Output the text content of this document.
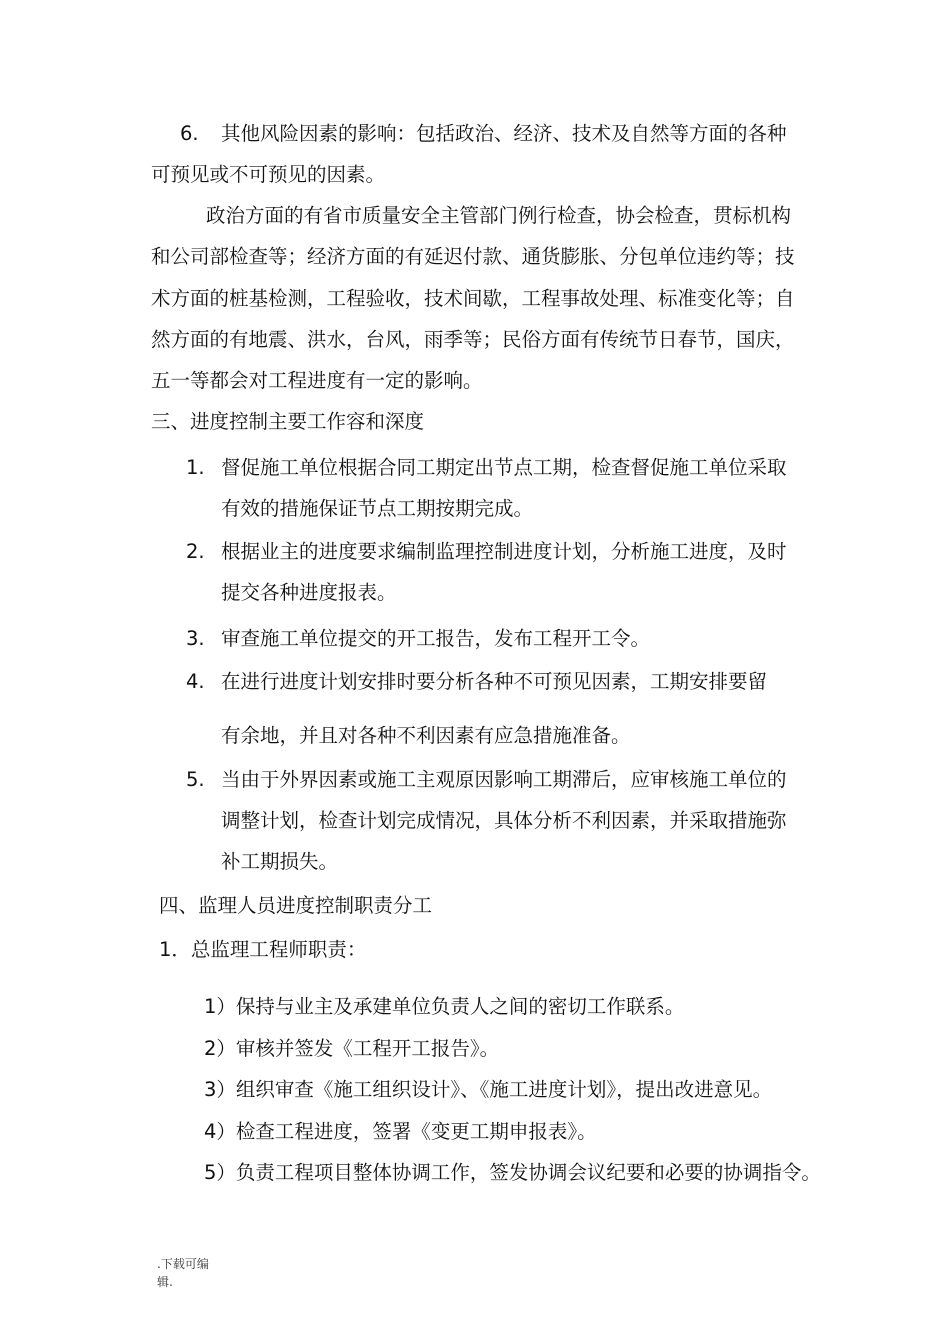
6. 其他风险因素的影响：包括政治、经济、技术及自然等方面的各种
可预见或不可预见的因素。
政治方面的有省市质量安全主管部门例行检查，协会检查，贯标机构
和公司部检查等；经济方面的有延迟付款、通货膨胀、分包单位违约等；技
术方面的桩基检测，工程验收，技术间歇，工程事故处理、标准变化等；自
然方面的有地震、洪水，台风，雨季等；民俗方面有传统节日春节，国庆，
五一等都会对工程进度有一定的影响。
三、进度控制主要工作容和深度
1. 督促施工单位根据合同工期定出节点工期，检查督促施工单位采取
有效的措施保证节点工期按期完成。
2. 根据业主的进度要求编制监理控制进度计划，分析施工进度，及时
提交各种进度报表。
3. 审查施工单位提交的开工报告，发布工程开工令。
4. 在进行进度计划安排时要分析各种不可预见因素，工期安排要留
有余地，并且对各种不利因素有应急措施准备。
5. 当由于外界因素或施工主观原因影响工期滞后，应审核施工单位的
调整计划，检查计划完成情况，具体分析不利因素，并采取措施弥
补工期损失。
四、监理人员进度控制职责分工
1．总监理工程师职责：
1）保持与业主及承建单位负责人之间的密切工作联系。
2）审核并签发《工程开工报告》。
3）组织审查《施工组织设计》、《施工进度计划》，提出改进意见。
4）检查工程进度，签署《变更工期申报表》。
5）负责工程项目整体协调工作，签发协调会议纪要和必要的协调指令。
.下载可编
辑.
